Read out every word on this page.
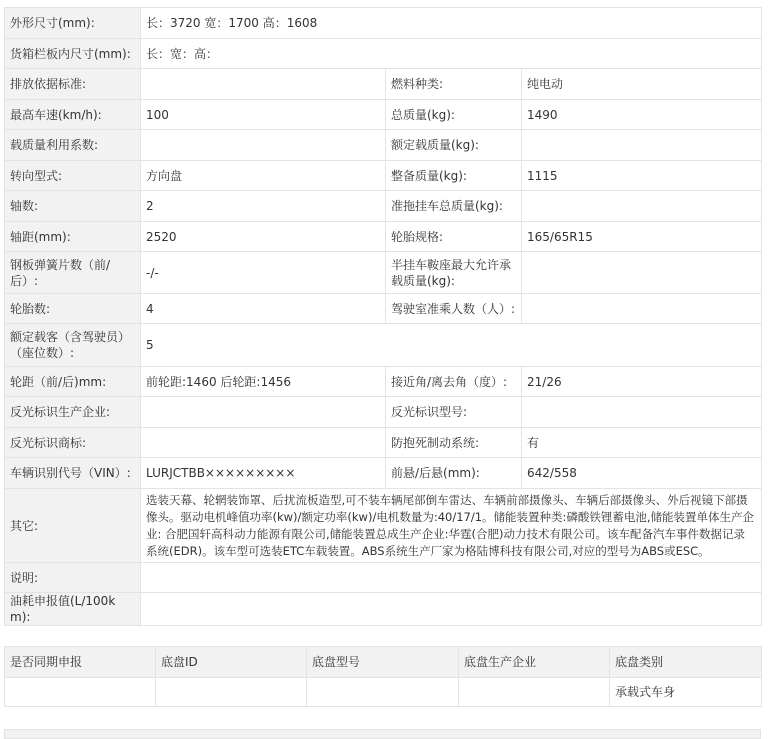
外形尺寸(mm):	长：3720 宽：1700 高：1608		
货箱栏板内尺寸(mm):	长：宽：高：		
排放依据标准:		燃料种类:	纯电动
最高车速(km/h):	100	总质量(kg):	1490
载质量利用系数:		额定载质量(kg):	
转向型式:	方向盘	整备质量(kg):	1115
轴数:	2	准拖挂车总质量(kg):	
轴距(mm):	2520	轮胎规格:	165/65R15
钢板弹簧片数（前/后）:	-/-	半挂车鞍座最大允许承载质量(kg):	
轮胎数:	4	驾驶室准乘人数（人）:	
额定载客（含驾驶员）（座位数）:	5		
轮距（前/后)mm:	前轮距:1460 后轮距:1456	接近角/离去角（度）:	21/26
反光标识生产企业:		反光标识型号:	
反光标识商标:		防抱死制动系统:	有
车辆识别代号（VIN）:	LURJCTBB×××××××××	前悬/后悬(mm):	642/558
其它:	选装天幕、轮辋装饰罩、后扰流板造型,可不装车辆尾部倒车雷达、车辆前部摄像头、车辆后部摄像头、外后视镜下部摄像头。驱动电机峰值功率(kw)/额定功率(kw)/电机数量为:40/17/1。储能装置种类:磷酸铁锂蓄电池,储能装置单体生产企业: 合肥国轩高科动力能源有限公司,储能装置总成生产企业:华霆(合肥)动力技术有限公司。该车配备汽车事件数据记录系统(EDR)。该车型可选装ETC车载装置。ABS系统生产厂家为格陆博科技有限公司,对应的型号为ABS或ESC。		
说明:			
油耗申报值(L/100km):			
是否同期申报	底盘ID	底盘型号	底盘生产企业	底盘类别
				承载式车身
